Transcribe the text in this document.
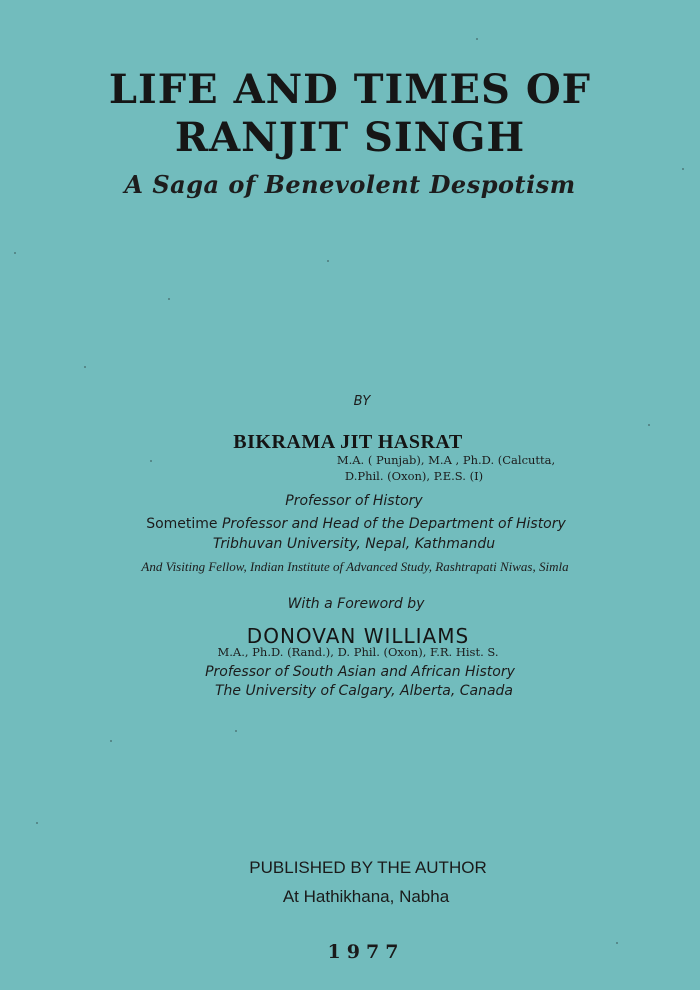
LIFE AND TIMES OF
RANJIT SINGH
A Saga of Benevolent Despotism
BY
BIKRAMA JIT HASRAT
M.A. ( Punjab), M.A , Ph.D. (Calcutta,
D.Phil. (Oxon), P.E.S. (I)
Professor of History
Sometime Professor and Head of the Department of History
Tribhuvan University, Nepal, Kathmandu
And Visiting Fellow, Indian Institute of Advanced Study, Rashtrapati Niwas, Simla
With a Foreword by
DONOVAN WILLIAMS
M.A., Ph.D. (Rand.), D. Phil. (Oxon), F.R. Hist. S.
Professor of South Asian and African History
The University of Calgary, Alberta, Canada
PUBLISHED BY THE AUTHOR
At Hathikhana, Nabha
1977
